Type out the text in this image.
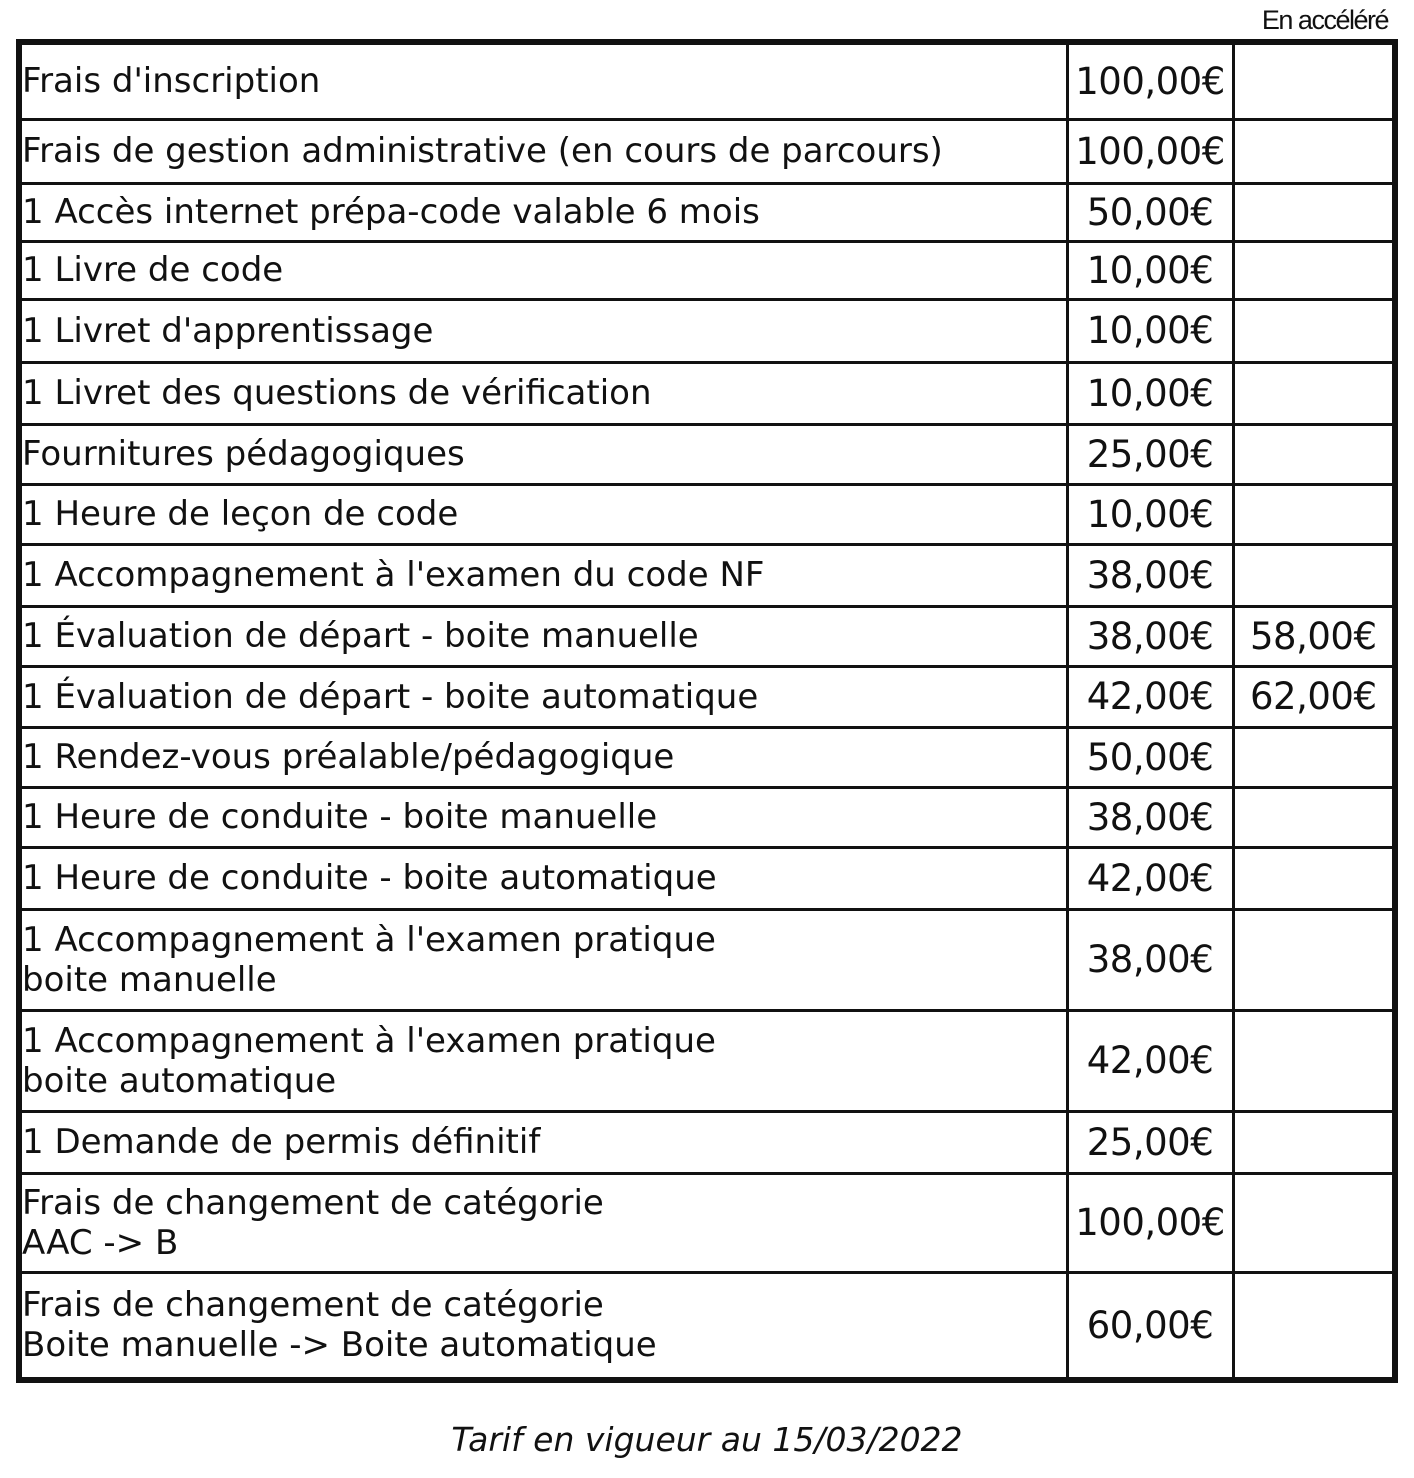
En accéléré
Frais d'inscription	100,00€	
Frais de gestion administrative (en cours de parcours)	100,00€	
1 Accès internet prépa-code valable 6 mois	50,00€	
1 Livre de code	10,00€	
1 Livret d'apprentissage	10,00€	
1 Livret des questions de vérification	10,00€	
Fournitures pédagogiques	25,00€	
1 Heure de leçon de code	10,00€	
1 Accompagnement à l'examen du code NF	38,00€	
1 Évaluation de départ - boite manuelle	38,00€	58,00€
1 Évaluation de départ - boite automatique	42,00€	62,00€
1 Rendez-vous préalable/pédagogique	50,00€	
1 Heure de conduite - boite manuelle	38,00€	
1 Heure de conduite - boite automatique	42,00€	
1 Accompagnement à l'examen pratique
boite manuelle	38,00€	
1 Accompagnement à l'examen pratique
boite automatique	42,00€	
1 Demande de permis définitif	25,00€	
Frais de changement de catégorie
AAC -> B	100,00€	
Frais de changement de catégorie
Boite manuelle -> Boite automatique	60,00€	
Tarif en vigueur au 15/03/2022
